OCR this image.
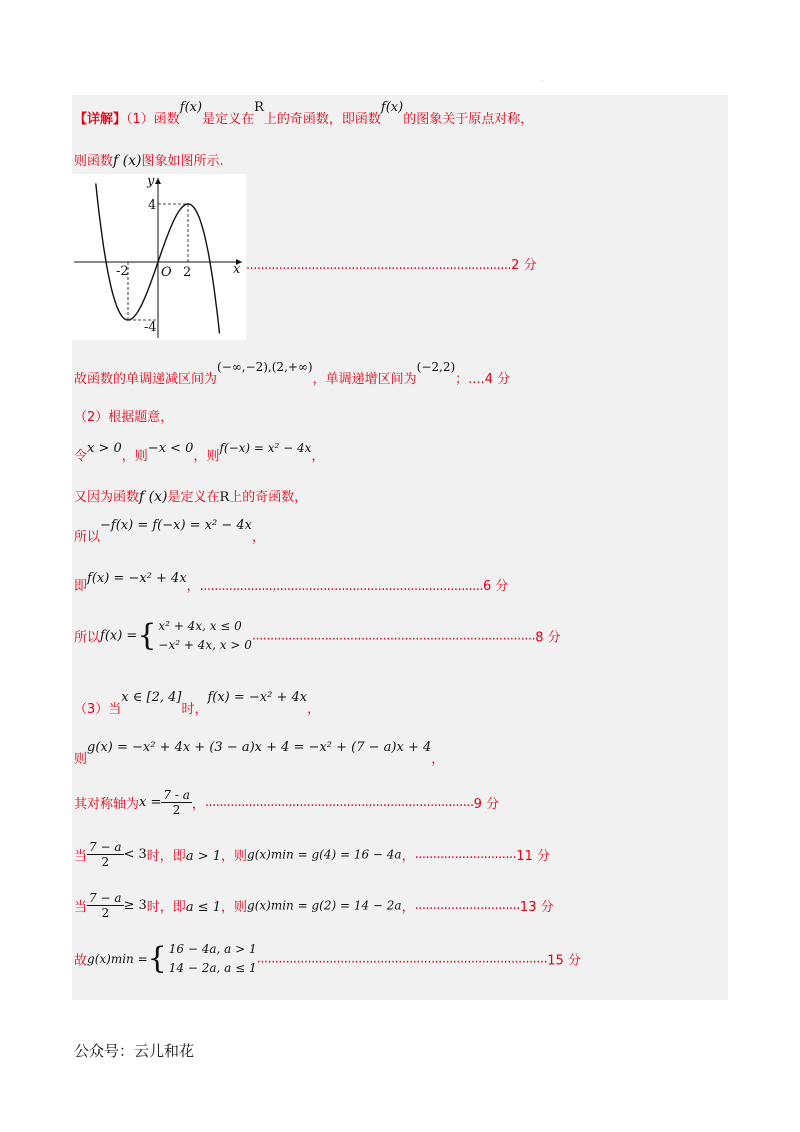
.
【详解】（1）函数f(x)是定义在R上的奇函数，即函数f(x)的图象关于原点对称，
则函数f (x)图象如图所示.
y
x
O
4
-4
-2	2	.........................................................................2 分
故函数的单调递减区间为(−∞,−2),(2,+∞)，单调递增区间为(−2,2)；....4 分
（2）根据题意，
令x > 0，则−x < 0，则f(−x) = x² − 4x，
又因为函数f (x)是定义在R上的奇函数，
所以−f(x) = f(−x) = x² − 4x，
即f(x) = −x² + 4x，..............................................................................6 分
所以f(x) ={ x² + 4x, x ≤ 0
−x² + 4x, x > 0
..............................................................................8 分
（3）当x ∈ [2, 4]时，f(x) = −x² + 4x，
则g(x) = −x² + 4x + (3 − a)x + 4 = −x² + (7 − a)x + 4，
其对称轴为$x = \frac{7 - a}{2}$ ，..........................................................................9 分
当 $\frac{7 - a}{2} < 3$时，即a > 1，则g(x)min = g(4) = 16 − 4a，............................11 分
当 $\frac{7 - a}{2} \ge 3$时，即a ≤ 1，则g(x)min = g(2) = 14 − 2a，.............................13 分
故g(x)min ={ 16 − 4a, a > 1
14 − 2a, a ≤ 1
................................................................................15 分
公众号：云儿和花
